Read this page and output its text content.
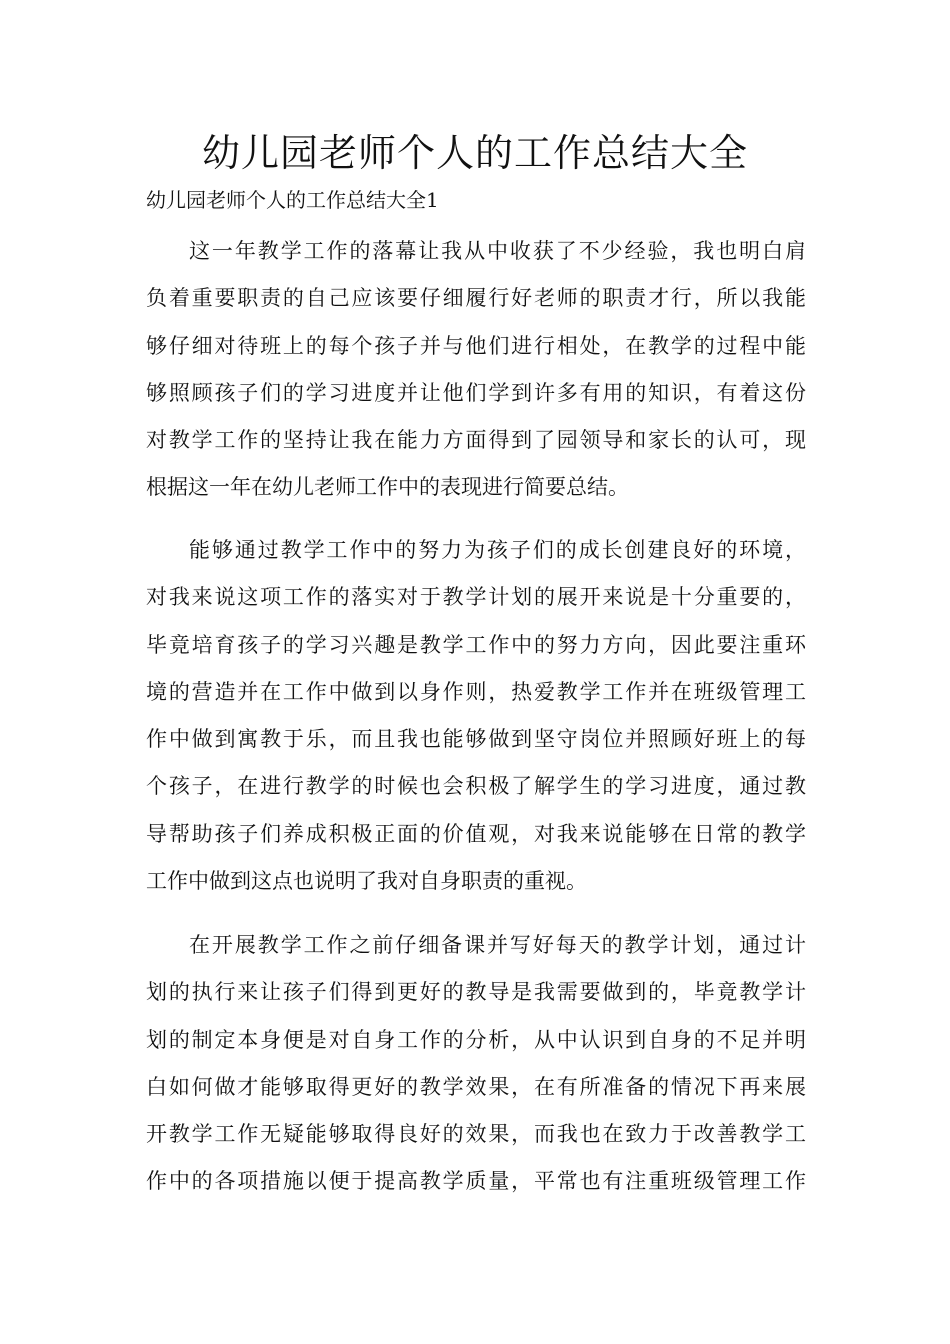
幼儿园老师个人的工作总结大全

幼儿园老师个人的工作总结大全1

这一年教学工作的落幕让我从中收获了不少经验，我也明白肩
负着重要职责的自己应该要仔细履行好老师的职责才行，所以我能
够仔细对待班上的每个孩子并与他们进行相处，在教学的过程中能
够照顾孩子们的学习进度并让他们学到许多有用的知识，有着这份
对教学工作的坚持让我在能力方面得到了园领导和家长的认可，现
根据这一年在幼儿老师工作中的表现进行简要总结。
能够通过教学工作中的努力为孩子们的成长创建良好的环境，
对我来说这项工作的落实对于教学计划的展开来说是十分重要的，
毕竟培育孩子的学习兴趣是教学工作中的努力方向，因此要注重环
境的营造并在工作中做到以身作则，热爱教学工作并在班级管理工
作中做到寓教于乐，而且我也能够做到坚守岗位并照顾好班上的每
个孩子，在进行教学的时候也会积极了解学生的学习进度，通过教
导帮助孩子们养成积极正面的价值观，对我来说能够在日常的教学
工作中做到这点也说明了我对自身职责的重视。
在开展教学工作之前仔细备课并写好每天的教学计划，通过计
划的执行来让孩子们得到更好的教导是我需要做到的，毕竟教学计
划的制定本身便是对自身工作的分析，从中认识到自身的不足并明
白如何做才能够取得更好的教学效果，在有所准备的情况下再来展
开教学工作无疑能够取得良好的效果，而我也在致力于改善教学工
作中的各项措施以便于提高教学质量，平常也有注重班级管理工作
